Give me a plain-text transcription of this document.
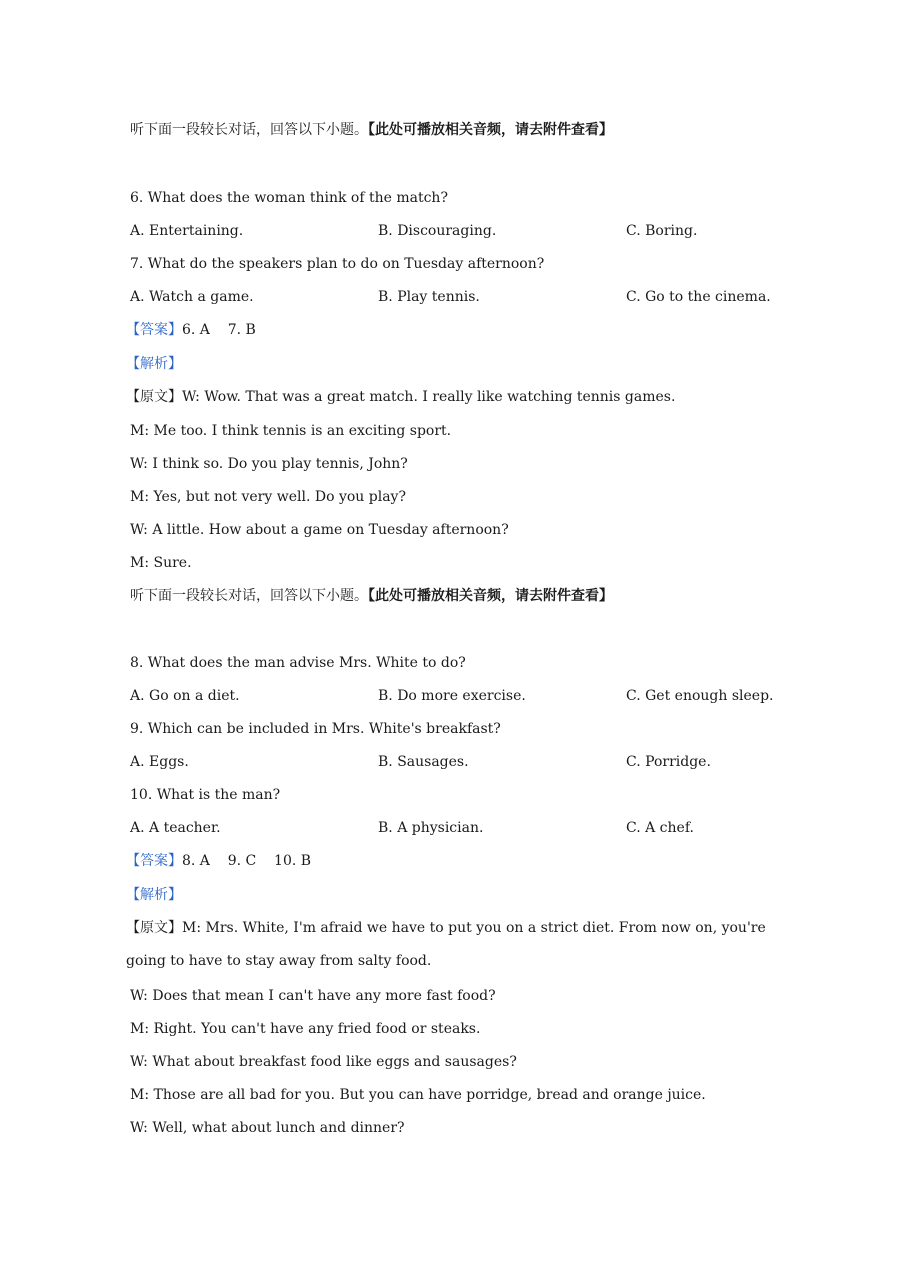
听下面一段较长对话，回答以下小题。【此处可播放相关音频，请去附件查看】
6. What does the woman think of the match?
A. Entertaining.	B. Discouraging.	C. Boring.
7. What do the speakers plan to do on Tuesday afternoon?
A. Watch a game.	B. Play tennis.	C. Go to the cinema.
【答案】6. A    7. B
【解析】
【原文】W: Wow. That was a great match. I really like watching tennis games.
M: Me too. I think tennis is an exciting sport.
W: I think so. Do you play tennis, John?
M: Yes, but not very well. Do you play?
W: A little. How about a game on Tuesday afternoon?
M: Sure.
听下面一段较长对话，回答以下小题。【此处可播放相关音频，请去附件查看】
8. What does the man advise Mrs. White to do?
A. Go on a diet.	B. Do more exercise.	C. Get enough sleep.
9. Which can be included in Mrs. White's breakfast?
A. Eggs.	B. Sausages.	C. Porridge.
10. What is the man?
A. A teacher.	B. A physician.	C. A chef.
【答案】8. A    9. C    10. B
【解析】
【原文】M: Mrs. White, I'm afraid we have to put you on a strict diet. From now on, you're going to have to stay away from salty food.
W: Does that mean I can't have any more fast food?
M: Right. You can't have any fried food or steaks.
W: What about breakfast food like eggs and sausages?
M: Those are all bad for you. But you can have porridge, bread and orange juice.
W: Well, what about lunch and dinner?
